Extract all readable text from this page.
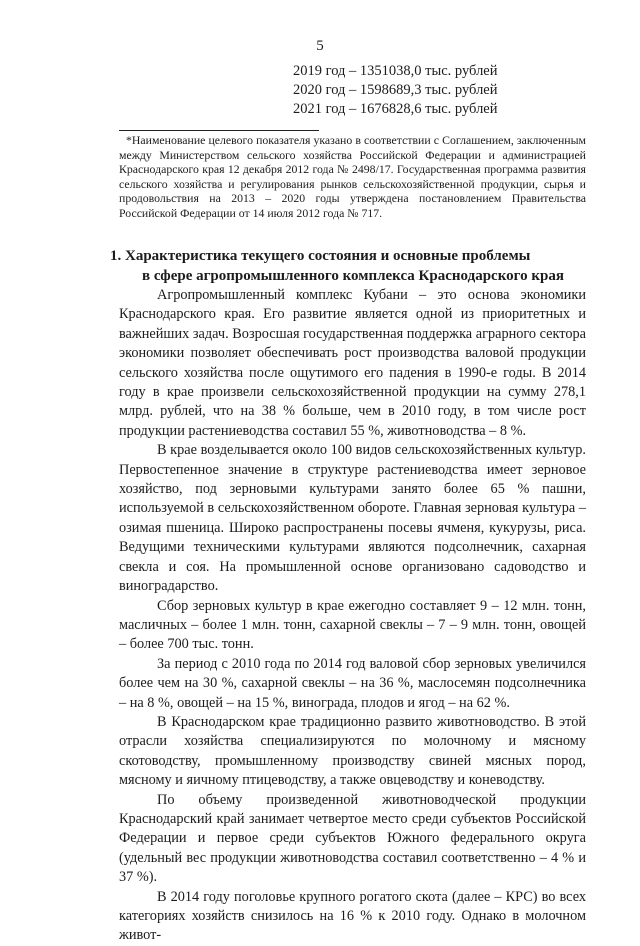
5
2019 год – 1351038,0 тыс. рублей
2020 год – 1598689,3 тыс. рублей
2021 год – 1676828,6 тыс. рублей
*Наименование целевого показателя указано в соответствии с Соглашением, заключенным между Министерством сельского хозяйства Российской Федерации и администрацией Краснодарского края 12 декабря 2012 года № 2498/17. Государственная программа развития сельского хозяйства и регулирования рынков сельскохозяйственной продукции, сырья и продовольствия на 2013 – 2020 годы утверждена постановлением Правительства Российской Федерации от 14 июля 2012 года № 717.
1. Характеристика текущего состояния и основные проблемы
в сфере агропромышленного комплекса Краснодарского края

Агропромышленный комплекс Кубани – это основа экономики Краснодарского края. Его развитие является одной из приоритетных и важнейших задач. Возросшая государственная поддержка аграрного сектора экономики позволяет обеспечивать рост производства валовой продукции сельского хозяйства после ощутимого его падения в 1990-е годы. В 2014 году в крае произвели сельскохозяйственной продукции на сумму 278,1 млрд. рублей, что на 38 % больше, чем в 2010 году, в том числе рост продукции растениеводства составил 55 %, животноводства – 8 %.

В крае возделывается около 100 видов сельскохозяйственных культур. Первостепенное значение в структуре растениеводства имеет зерновое хозяйство, под зерновыми культурами занято более 65 % пашни, используемой в сельскохозяйственном обороте. Главная зерновая культура – озимая пшеница. Широко распространены посевы ячменя, кукурузы, риса. Ведущими техническими культурами являются подсолнечник, сахарная свекла и соя. На промышленной основе организовано садоводство и виноградарство.

Сбор зерновых культур в крае ежегодно составляет 9 – 12 млн. тонн, масличных – более 1 млн. тонн, сахарной свеклы – 7 – 9 млн. тонн, овощей – более 700 тыс. тонн.

За период с 2010 года по 2014 год валовой сбор зерновых увеличился более чем на 30 %, сахарной свеклы – на 36 %, маслосемян подсолнечника – на 8 %, овощей – на 15 %, винограда, плодов и ягод – на 62 %.

В Краснодарском крае традиционно развито животноводство. В этой отрасли хозяйства специализируются по молочному и мясному скотоводству, промышленному производству свиней мясных пород, мясному и яичному птицеводству, а также овцеводству и коневодству.

По объему произведенной животноводческой продукции Краснодарский край занимает четвертое место среди субъектов Российской Федерации и первое среди субъектов Южного федерального округа (удельный вес продукции животноводства составил соответственно – 4 % и 37 %).

В 2014 году поголовье крупного рогатого скота (далее – КРС) во всех категориях хозяйств снизилось на 16 % к 2010 году. Однако в молочном живот-
